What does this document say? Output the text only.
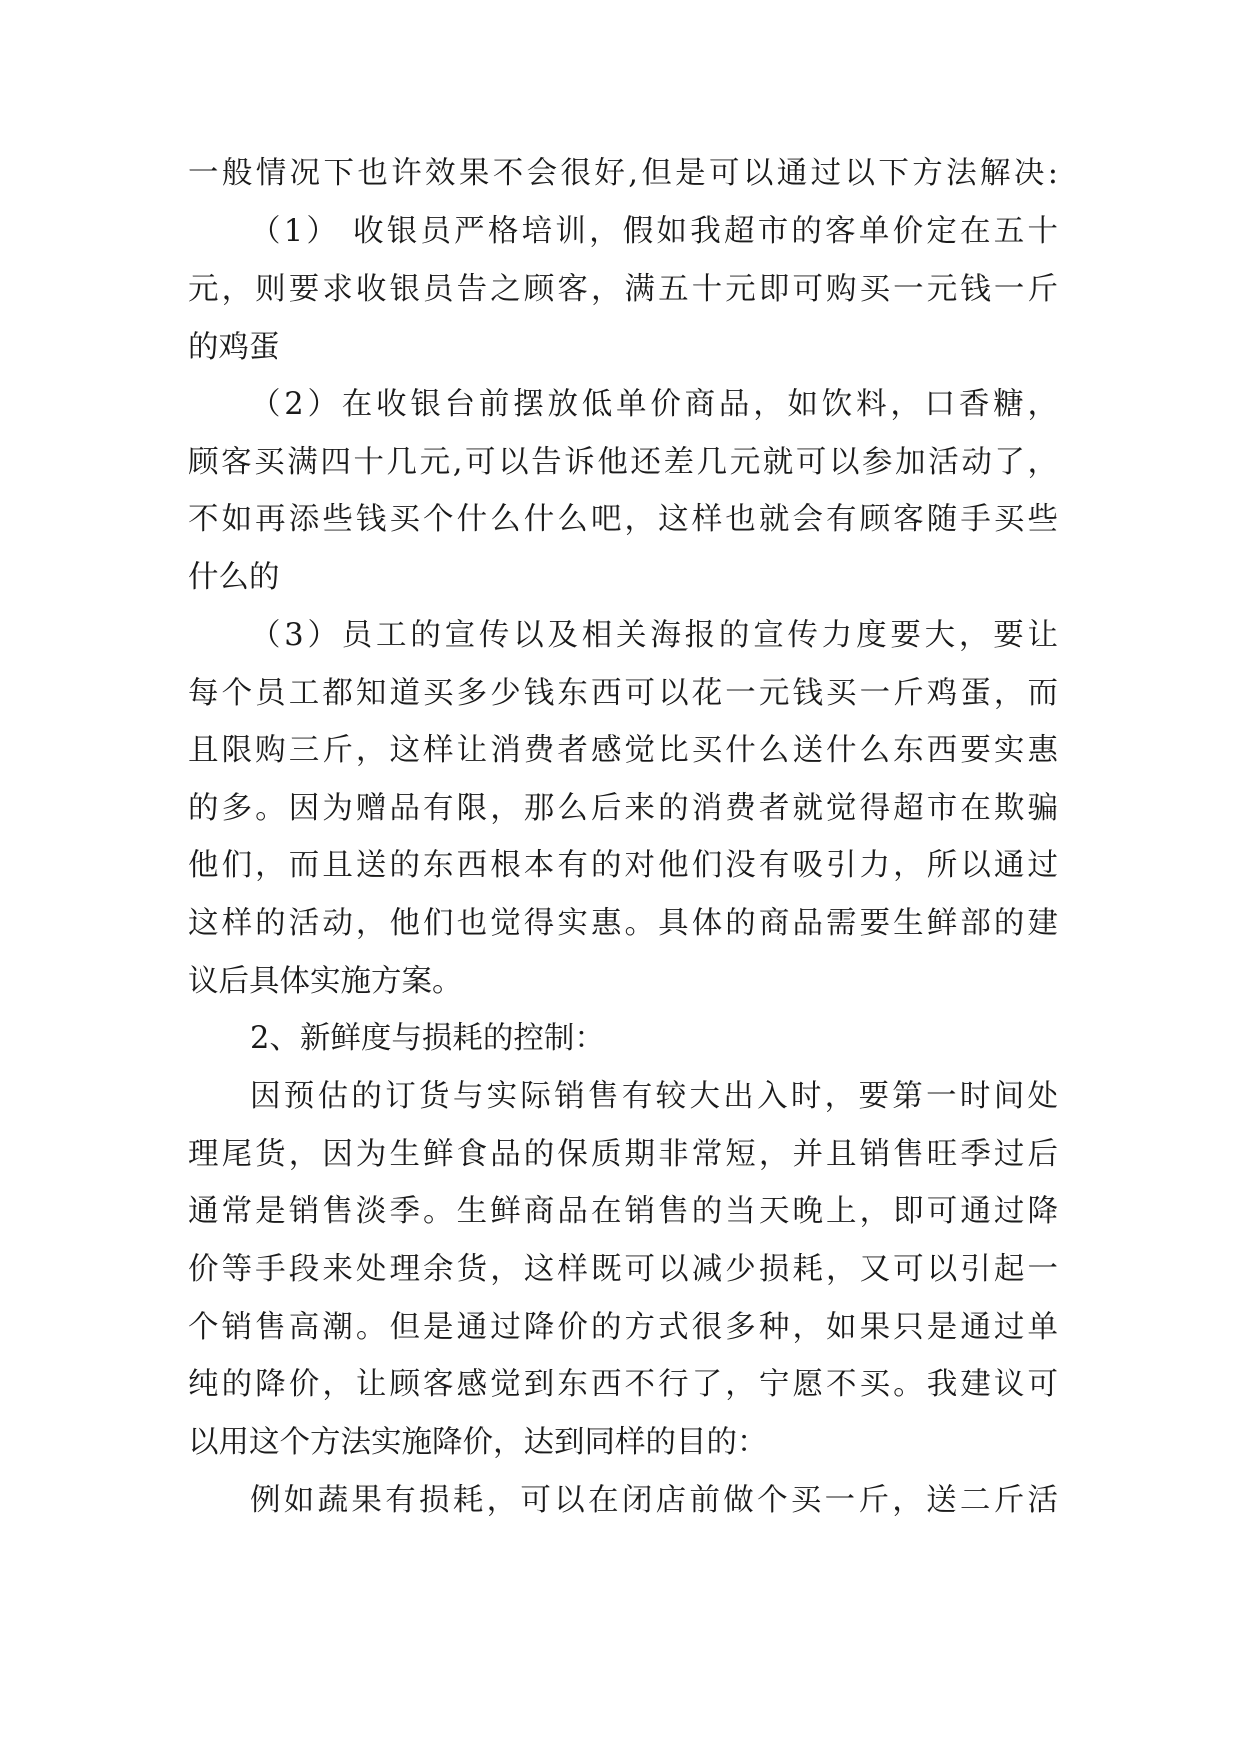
一般情况下也许效果不会很好,但是可以通过以下方法解决:
（1） 收银员严格培训，假如我超市的客单价定在五十
元，则要求收银员告之顾客，满五十元即可购买一元钱一斤
的鸡蛋
（2）在收银台前摆放低单价商品，如饮料，口香糖，
顾客买满四十几元,可以告诉他还差几元就可以参加活动了，
不如再添些钱买个什么什么吧，这样也就会有顾客随手买些
什么的
（3）员工的宣传以及相关海报的宣传力度要大，要让
每个员工都知道买多少钱东西可以花一元钱买一斤鸡蛋，而
且限购三斤，这样让消费者感觉比买什么送什么东西要实惠
的多。因为赠品有限，那么后来的消费者就觉得超市在欺骗
他们，而且送的东西根本有的对他们没有吸引力，所以通过
这样的活动，他们也觉得实惠。具体的商品需要生鲜部的建
议后具体实施方案。
2、新鲜度与损耗的控制：
因预估的订货与实际销售有较大出入时，要第一时间处
理尾货，因为生鲜食品的保质期非常短，并且销售旺季过后
通常是销售淡季。生鲜商品在销售的当天晚上，即可通过降
价等手段来处理余货，这样既可以减少损耗，又可以引起一
个销售高潮。但是通过降价的方式很多种，如果只是通过单
纯的降价，让顾客感觉到东西不行了，宁愿不买。我建议可
以用这个方法实施降价，达到同样的目的：
例如蔬果有损耗，可以在闭店前做个买一斤，送二斤活
